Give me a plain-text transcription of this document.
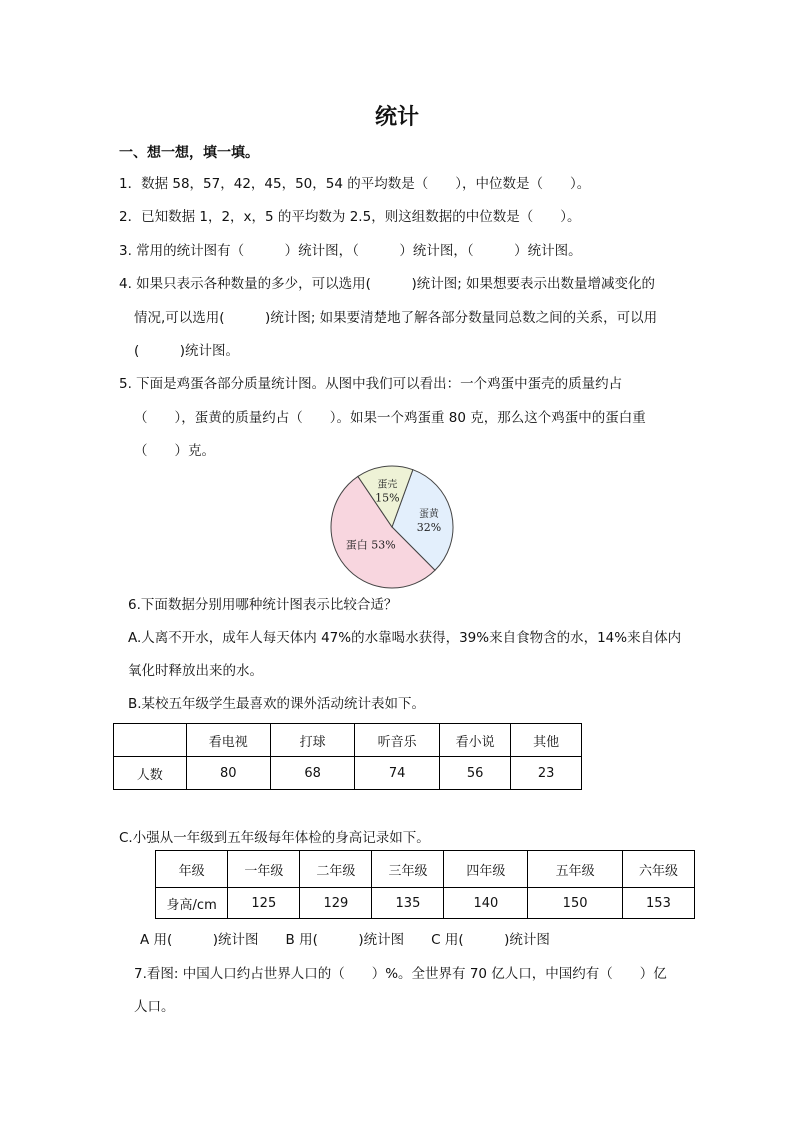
统计
一、想一想，填一填。
1．数据 58，57，42，45，50，54 的平均数是（　　），中位数是（　　）。
2．已知数据 1，2，x，5 的平均数为 2.5，则这组数据的中位数是（　　）。
3. 常用的统计图有（　　　）统计图，（　　　）统计图，（　　　）统计图。
4. 如果只表示各种数量的多少，可以选用(　　　)统计图; 如果想要表示出数量增减变化的
情况,可以选用(　　　)统计图; 如果要清楚地了解各部分数量同总数之间的关系，可以用
(　　　)统计图。
5. 下面是鸡蛋各部分质量统计图。从图中我们可以看出：一个鸡蛋中蛋壳的质量约占
（　　），蛋黄的质量约占（　　）。如果一个鸡蛋重 80 克，那么这个鸡蛋中的蛋白重
（　　）克。
蛋黄
32%
蛋白 53%
蛋壳
15%
6.下面数据分别用哪种统计图表示比较合适？
A.人离不开水，成年人每天体内 47%的水靠喝水获得，39%来自食物含的水，14%来自体内
氧化时释放出来的水。
B.某校五年级学生最喜欢的课外活动统计表如下。
	看电视	打球	听音乐	看小说	其他
人数	80	68	74	56	23
C.小强从一年级到五年级每年体检的身高记录如下。
年级	一年级	二年级	三年级	四年级	五年级	六年级
身高/cm	125	129	135	140	150	153
A 用(　　　)统计图　　B 用(　　　)统计图　　C 用(　　　)统计图
7.看图: 中国人口约占世界人口的（　　）%。全世界有 70 亿人口，中国约有（　　）亿
人口。
